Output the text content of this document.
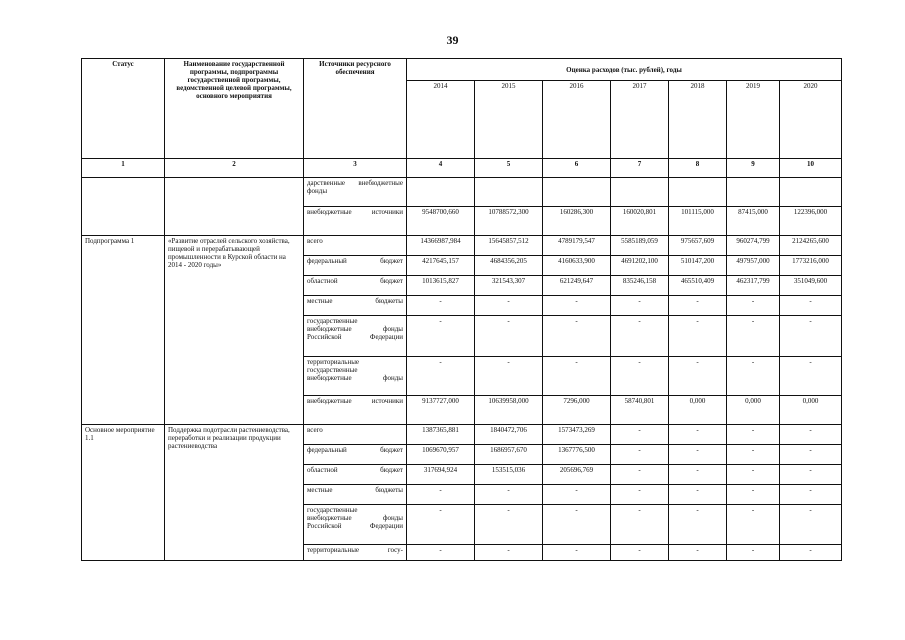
39
Статус	Наименование государственной программы, подпрограммы государственной программы, ведомственной целевой программы, основного мероприятия	Источники ресурсного обеспечения	Оценка расходов (тыс. рублей), годы						
			2014	2015	2016	2017	2018	2019	2020
1	2	3	4	5	6	7	8	9	10
		дарственные внебюджетные фонды							
		внебюджетные источники	9548700,660	10788572,300	160286,300	160020,801	101115,000	87415,000	122396,000
Подпрограмма 1	«Развитие отраслей сельского хозяйства, пищевой и перерабатывающей промышленности в Курской области на 2014 - 2020 годы»	всего	14366987,984	15645857,512	4789179,547	5585189,059	975657,609	960274,799	2124265,600
		федеральный бюджет	4217645,157	4684356,205	4160633,900	4691202,100	510147,200	497957,000	1773216,000
		областной бюджет	1013615,827	321543,307	621249,647	835246,158	465510,409	462317,799	351049,600
		местные бюджеты	-	-	-	-	-	-	-
		государственные внебюджетные фонды Российской Федерации	-	-	-	-	-	-	-
		территориальные государственные внебюджетные фонды	-	-	-	-	-	-	-
		внебюджетные источники	9137727,000	10639958,000	7296,000	58740,801	0,000	0,000	0,000
Основное мероприятие 1.1	Поддержка подотрасли растениеводства, переработки и реализации продукции растениеводства	всего	1387365,881	1840472,706	1573473,269	-	-	-	-
		федеральный бюджет	1069670,957	1686957,670	1367776,500	-	-	-	-
		областной бюджет	317694,924	153515,036	205696,769	-	-	-	-
		местные бюджеты	-	-	-	-	-	-	-
		государственные внебюджетные фонды Российской Федерации	-	-	-	-	-	-	-
		территориальные госу-	-	-	-	-	-	-	-
